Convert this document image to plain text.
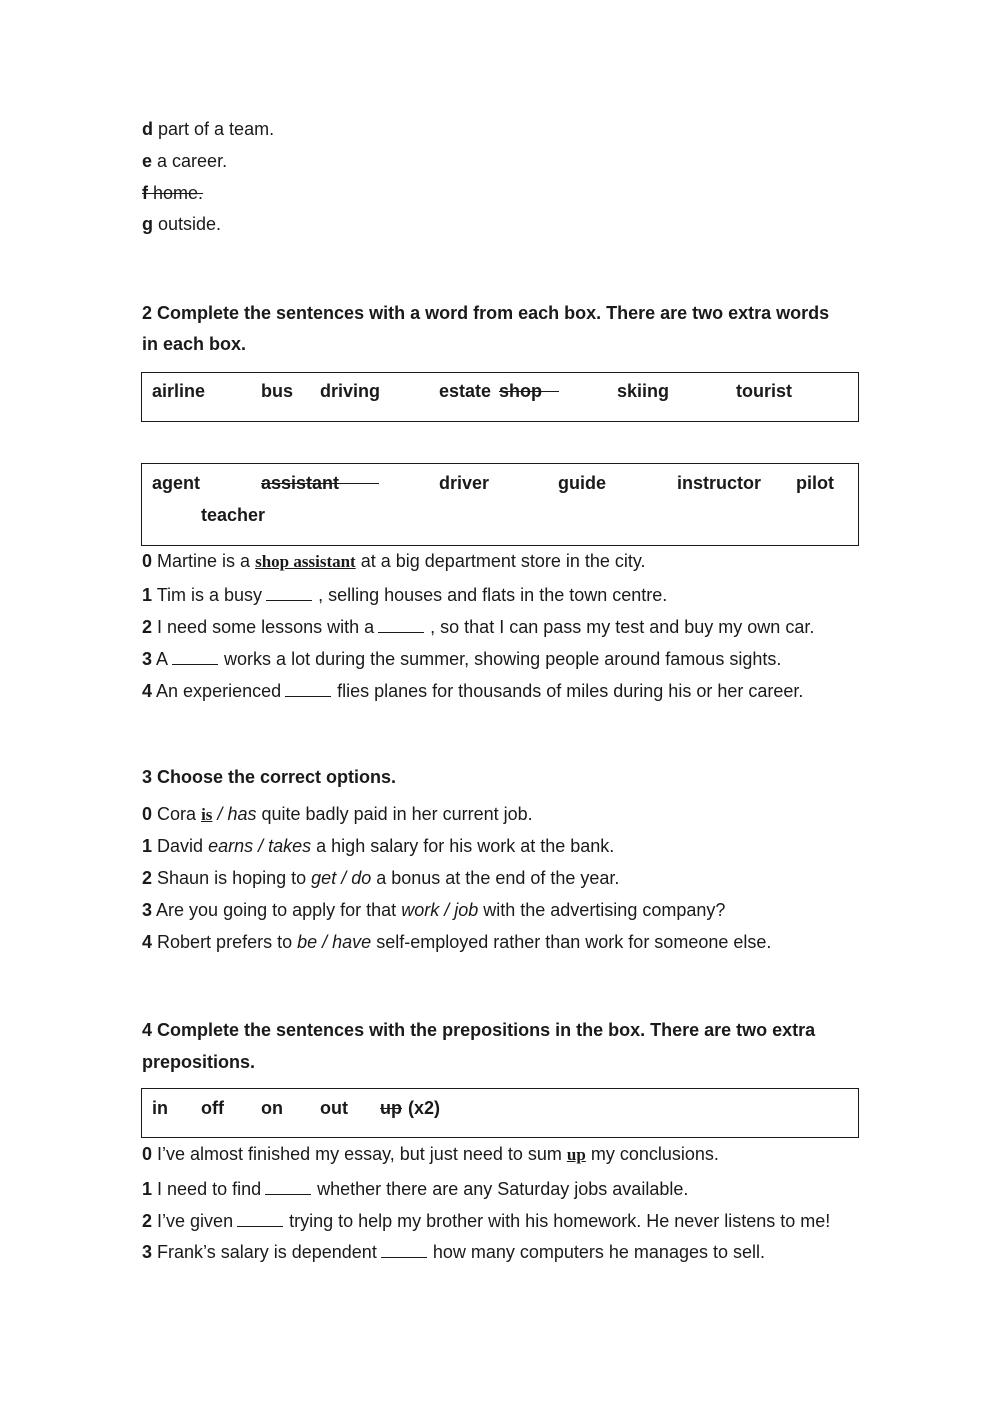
d part of a team.
e a career.
f home.
g outside.
2 Complete the sentences with a word from each box. There are two extra words
in each box.
airline	bus driving	estate shop	skiing	tourist
agent	assistant	driver	guide	instructor pilot
teacher
0 Martine is a shop assistant at a big department store in the city.
1 Tim is a busy	, selling houses and flats in the town centre.
2 I need some lessons with a	, so that I can pass my test and buy my own car.
3 A	works a lot during the summer, showing people around famous sights.
4 An experienced	flies planes for thousands of miles during his or her career.
3 Choose the correct options.
0 Cora is / has quite badly paid in her current job.
1 David earns / takes a high salary for his work at the bank.
2 Shaun is hoping to get / do a bonus at the end of the year.
3 Are you going to apply for that work / job with the advertising company?
4 Robert prefers to be / have self-employed rather than work for someone else.
4 Complete the sentences with the prepositions in the box. There are two extra
prepositions.
in off on out up (x2)
0 I’ve almost finished my essay, but just need to sum up my conclusions.
1 I need to find	whether there are any Saturday jobs available.
2 I’ve given	trying to help my brother with his homework. He never listens to me!
3 Frank’s salary is dependent	how many computers he manages to sell.
